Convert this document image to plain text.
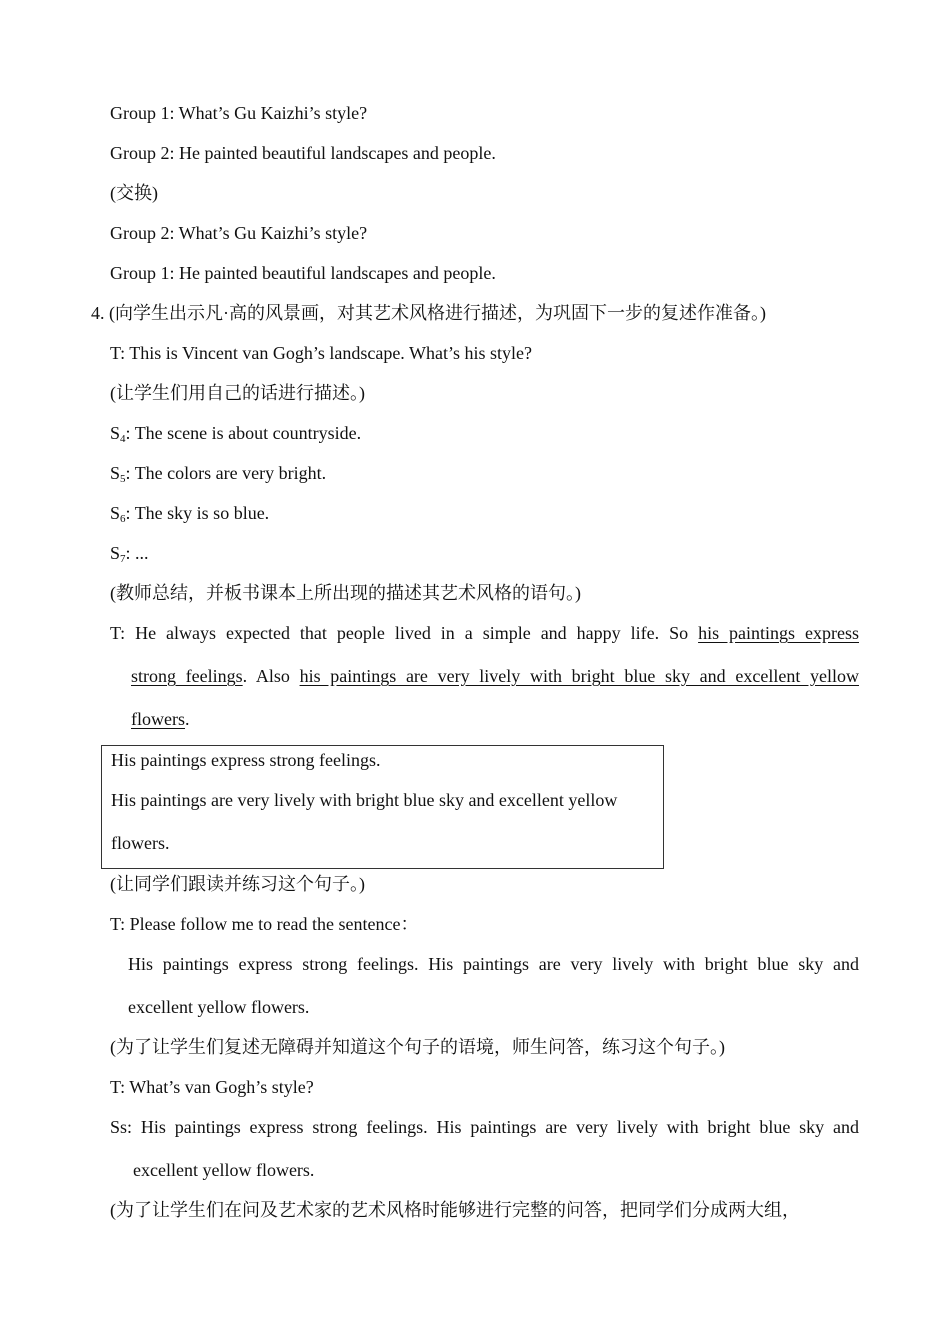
Group 1: What’s Gu Kaizhi’s style?
Group 2: He painted beautiful landscapes and people.
(交换)
Group 2: What’s Gu Kaizhi’s style?
Group 1: He painted beautiful landscapes and people.
4. (向学生出示凡·高的风景画，对其艺术风格进行描述，为巩固下一步的复述作准备。)
T: This is Vincent van Gogh’s landscape. What’s his style?
(让学生们用自己的话进行描述。)
$S_4$: The scene is about countryside.
$S_5$: The colors are very bright.
$S_6$: The sky is so blue.
$S_7$: ...
(教师总结，并板书课本上所出现的描述其艺术风格的语句。)
T: He always expected that people lived in a simple and happy life. So his paintings express
strong feelings. Also his paintings are very lively with bright blue sky and excellent yellow
flowers.
His paintings express strong feelings.
His paintings are very lively with bright blue sky and excellent yellow
flowers.
(让同学们跟读并练习这个句子。)
T: Please follow me to read the sentence：
His paintings express strong feelings. His paintings are very lively with bright blue sky and
excellent yellow flowers.
(为了让学生们复述无障碍并知道这个句子的语境，师生问答，练习这个句子。)
T: What’s van Gogh’s style?
Ss: His paintings express strong feelings. His paintings are very lively with bright blue sky and
excellent yellow flowers.
(为了让学生们在问及艺术家的艺术风格时能够进行完整的问答，把同学们分成两大组，
